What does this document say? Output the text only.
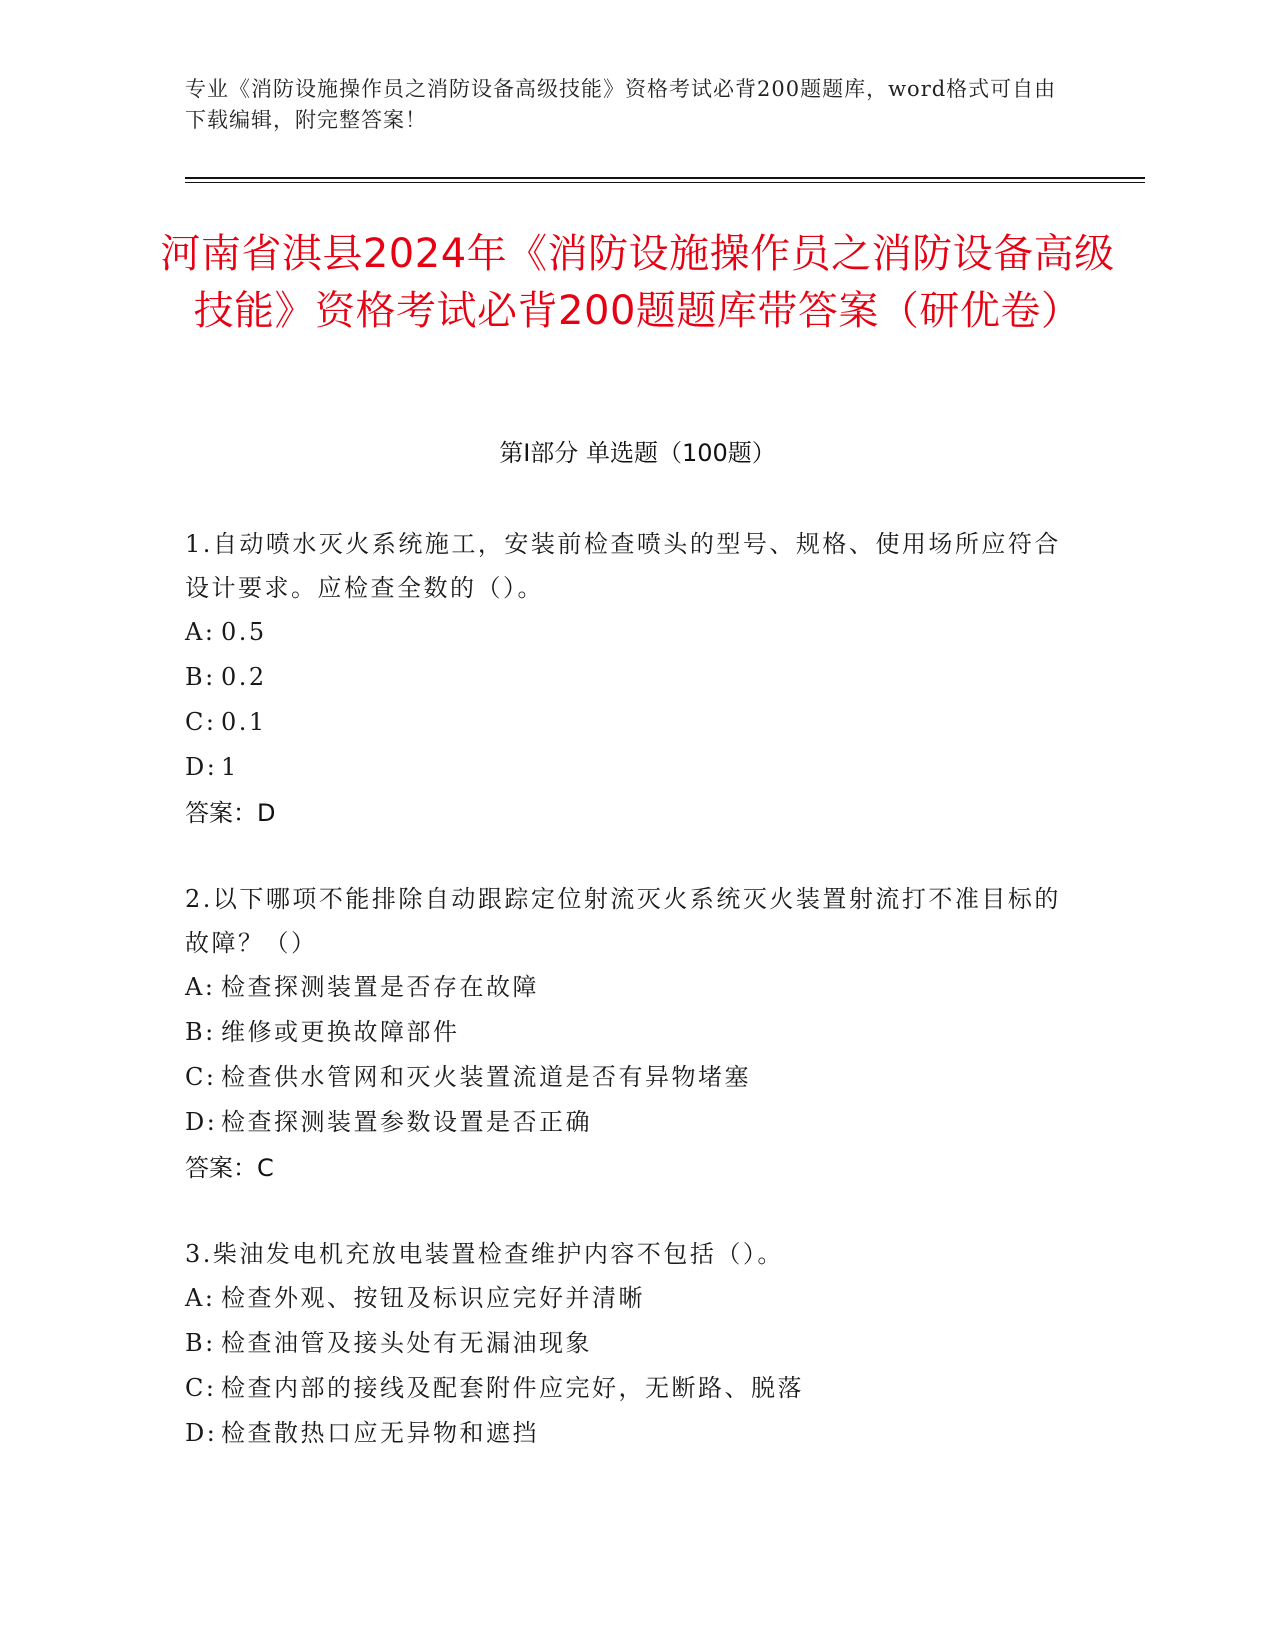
专业《消防设施操作员之消防设备高级技能》资格考试必背200题题库，word格式可自由下载编辑，附完整答案！
河南省淇县2024年《消防设施操作员之消防设备高级技能》资格考试必背200题题库带答案（研优卷）
第Ⅰ部分 单选题（100题）

1.自动喷水灭火系统施工，安装前检查喷头的型号、规格、使用场所应符合设计要求。应检查全数的（）。

A: 0.5

B: 0.2

C: 0.1

D: 1

答案：D

2.以下哪项不能排除自动跟踪定位射流灭火系统灭火装置射流打不准目标的故障？（）

A: 检查探测装置是否存在故障

B: 维修或更换故障部件

C: 检查供水管网和灭火装置流道是否有异物堵塞

D: 检查探测装置参数设置是否正确

答案：C

3.柴油发电机充放电装置检查维护内容不包括（）。

A: 检查外观、按钮及标识应完好并清晰

B: 检查油管及接头处有无漏油现象

C: 检查内部的接线及配套附件应完好，无断路、脱落

D: 检查散热口应无异物和遮挡
